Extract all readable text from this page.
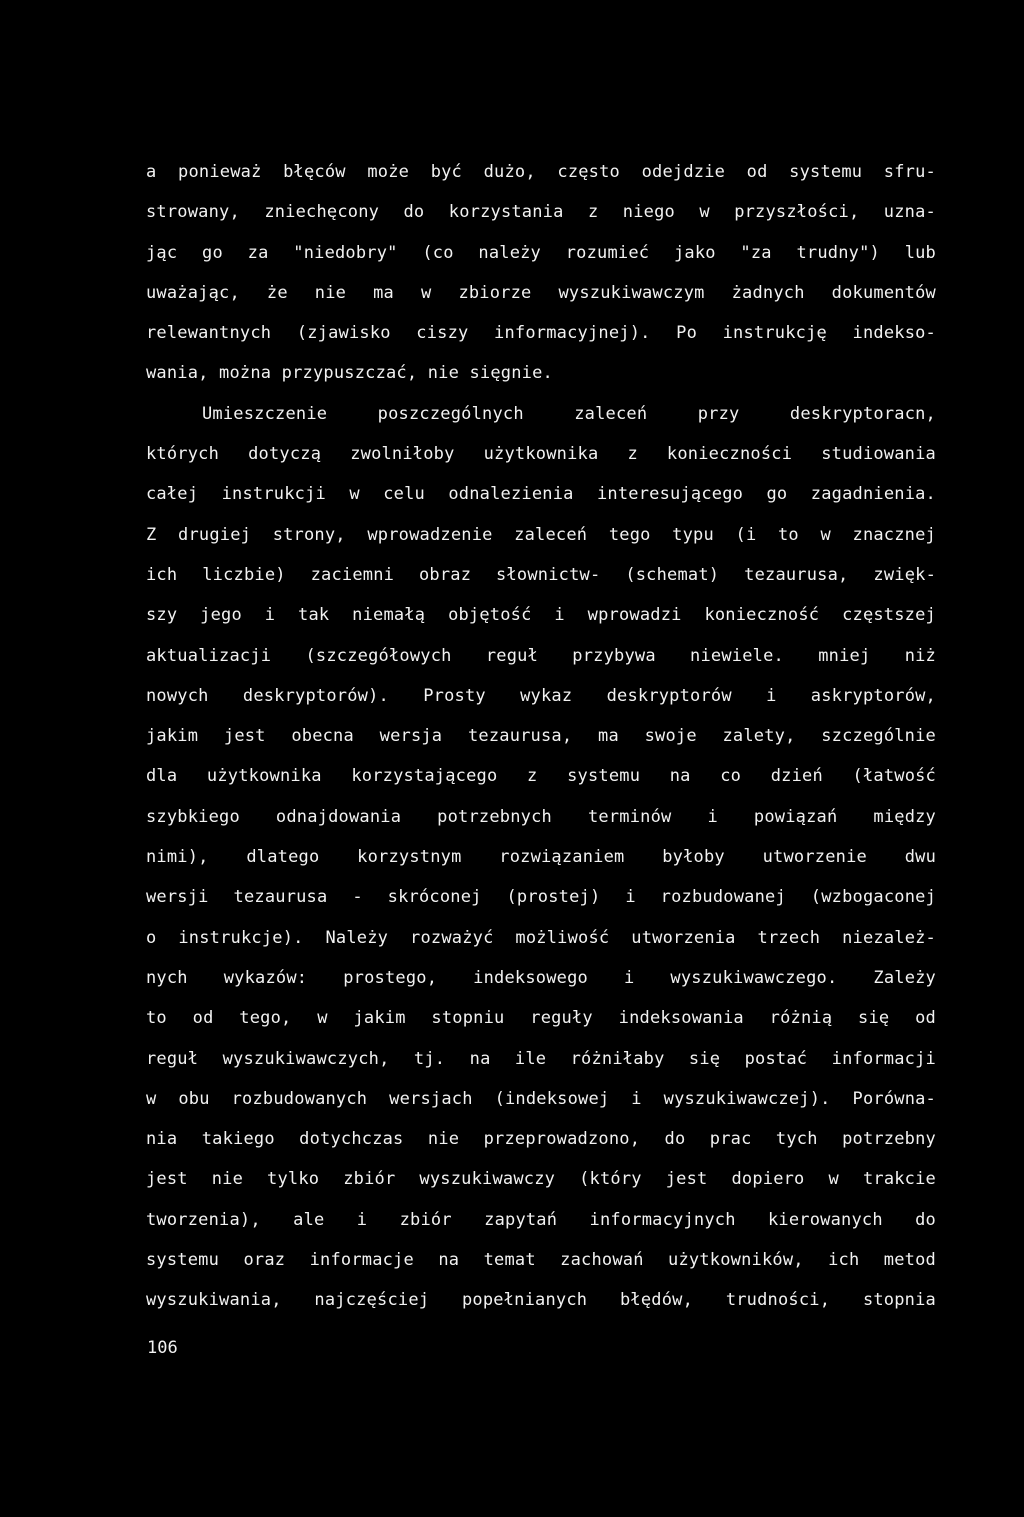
a ponieważ błęców może być dużo, często odejdzie od systemu sfru-
strowany, zniechęcony do korzystania z niego w przyszłości, uzna-
jąc go za "niedobry" (co należy rozumieć jako "za trudny") lub
uważając, że nie ma w zbiorze wyszukiwawczym żadnych dokumentów
relewantnych (zjawisko ciszy informacyjnej). Po instrukcję indekso-
wania, można przypuszczać, nie sięgnie.
Umieszczenie poszczególnych zaleceń przy deskryptoracn,
których dotyczą zwolniłoby użytkownika z konieczności studiowania
całej instrukcji w celu odnalezienia interesującego go zagadnienia.
Z drugiej strony, wprowadzenie zaleceń tego typu (i to w znacznej
ich liczbie) zaciemni obraz słownictw- (schemat) tezaurusa, zwięk-
szy jego i tak niemałą objętość i wprowadzi konieczność częstszej
aktualizacji (szczegółowych reguł przybywa niewiele. mniej niż
nowych deskryptorów). Prosty wykaz deskryptorów i askryptorów,
jakim jest obecna wersja tezaurusa, ma swoje zalety, szczególnie
dla użytkownika korzystającego z systemu na co dzień (łatwość
szybkiego odnajdowania potrzebnych terminów i powiązań między
nimi), dlatego korzystnym rozwiązaniem byłoby utworzenie dwu
wersji tezaurusa - skróconej (prostej) i rozbudowanej (wzbogaconej
o instrukcje). Należy rozważyć możliwość utworzenia trzech niezależ-
nych wykazów: prostego, indeksowego i wyszukiwawczego. Zależy
to od tego, w jakim stopniu reguły indeksowania różnią się od
reguł wyszukiwawczych, tj. na ile różniłaby się postać informacji
w obu rozbudowanych wersjach (indeksowej i wyszukiwawczej). Porówna-
nia takiego dotychczas nie przeprowadzono, do prac tych potrzebny
jest nie tylko zbiór wyszukiwawczy (który jest dopiero w trakcie
tworzenia), ale i zbiór zapytań informacyjnych kierowanych do
systemu oraz informacje na temat zachowań użytkowników, ich metod
wyszukiwania, najczęściej popełnianych błędów, trudności, stopnia
106
